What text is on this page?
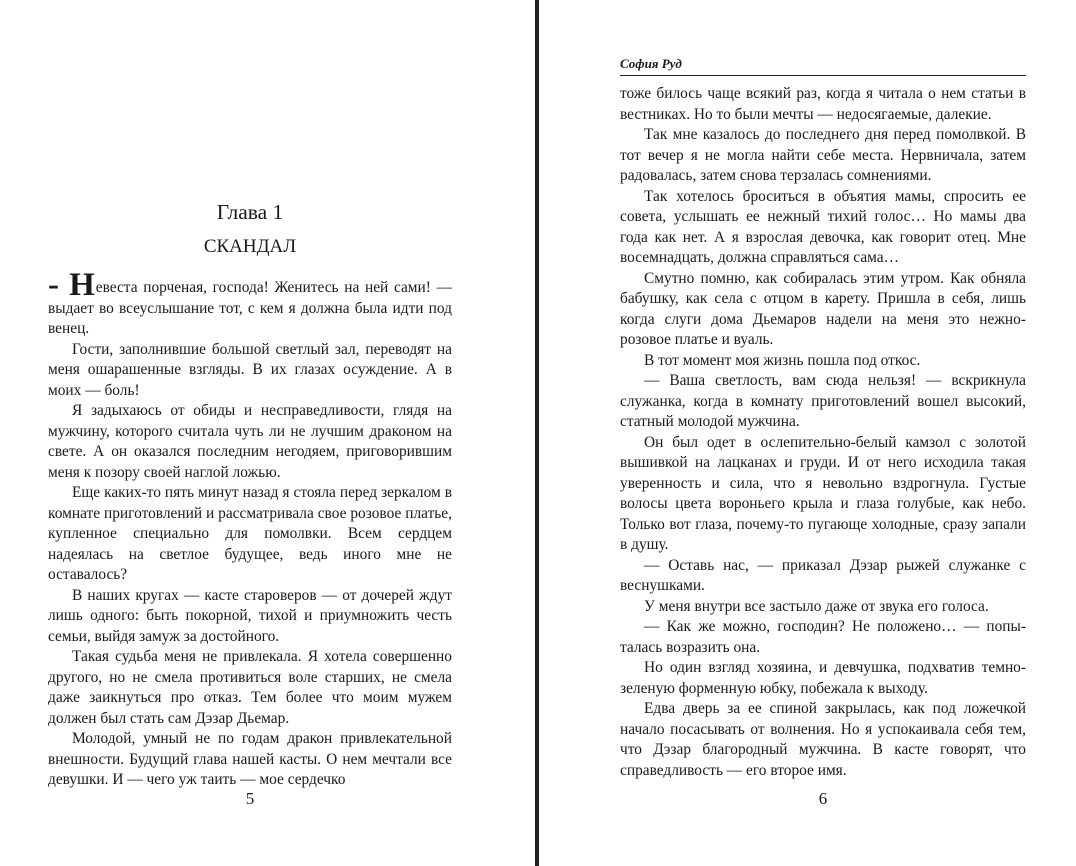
Глава 1
СКАНДАЛ

- Невеста порченая, господа! Женитесь на ней сами! — выдает во всеуслышание тот, с кем я должна была идти под венец.

Гости, заполнившие большой светлый зал, переводят на меня ошарашенные взгляды. В их глазах осуждение. А в моих — боль!

Я задыхаюсь от обиды и несправедливости, глядя на мужчину, которого считала чуть ли не лучшим драконом на свете. А он оказался последним негодяем, приговорившим меня к позору своей наглой ложью.

Еще каких-то пять минут назад я стояла перед зеркалом в комнате приготовлений и рассматривала свое розовое платье, купленное специально для помолвки. Всем сердцем надеялась на светлое будущее, ведь иного мне не оставалось?

В наших кругах — касте староверов — от дочерей ждут лишь одного: быть покорной, тихой и приумножить честь семьи, выйдя замуж за достойного.

Такая судьба меня не привлекала. Я хотела совершенно другого, но не смела противиться воле старших, не смела даже заикнуться про отказ. Тем более что моим мужем должен был стать сам Дэзар Дьемар.

Молодой, умный не по годам дракон привлекательной внешности. Будущий глава нашей касты. О нем мечтали все девушки. И — чего уж таить — мое сердечко

5
София Руд

тоже билось чаще всякий раз, когда я читала о нем статьи в вестниках. Но то были мечты — недосягаемые, далекие.

Так мне казалось до последнего дня перед помолвкой. В тот вечер я не могла найти себе места. Нервничала, затем радовалась, затем снова терзалась сомнениями.

Так хотелось броситься в объятия мамы, спросить ее совета, услышать ее нежный тихий голос… Но мамы два года как нет. А я взрослая девочка, как говорит отец. Мне восемнадцать, должна справляться сама…

Смутно помню, как собиралась этим утром. Как обняла бабушку, как села с отцом в карету. Пришла в себя, лишь когда слуги дома Дьемаров надели на меня это нежно-розовое платье и вуаль.

В тот момент моя жизнь пошла под откос.

— Ваша светлость, вам сюда нельзя! — вскрикнула служанка, когда в комнату приготовлений вошел высокий, статный молодой мужчина.

Он был одет в ослепительно-белый камзол с золотой вышивкой на лацканах и груди. И от него исходила такая уверенность и сила, что я невольно вздрогнула. Густые волосы цвета вороньего крыла и глаза голубые, как небо. Только вот глаза, почему-то пугающе холодные, сразу запали в душу.

— Оставь нас, — приказал Дэзар рыжей служанке с веснушками.

У меня внутри все застыло даже от звука его голоса.

— Как же можно, господин? Не положено… — попыталась возразить она.

Но один взгляд хозяина, и девчушка, подхватив темно-зеленую форменную юбку, побежала к выходу.

Едва дверь за ее спиной закрылась, как под ложечкой начало посасывать от волнения. Но я успокаивала себя тем, что Дэзар благородный мужчина. В касте говорят, что справедливость — его второе имя.

6
